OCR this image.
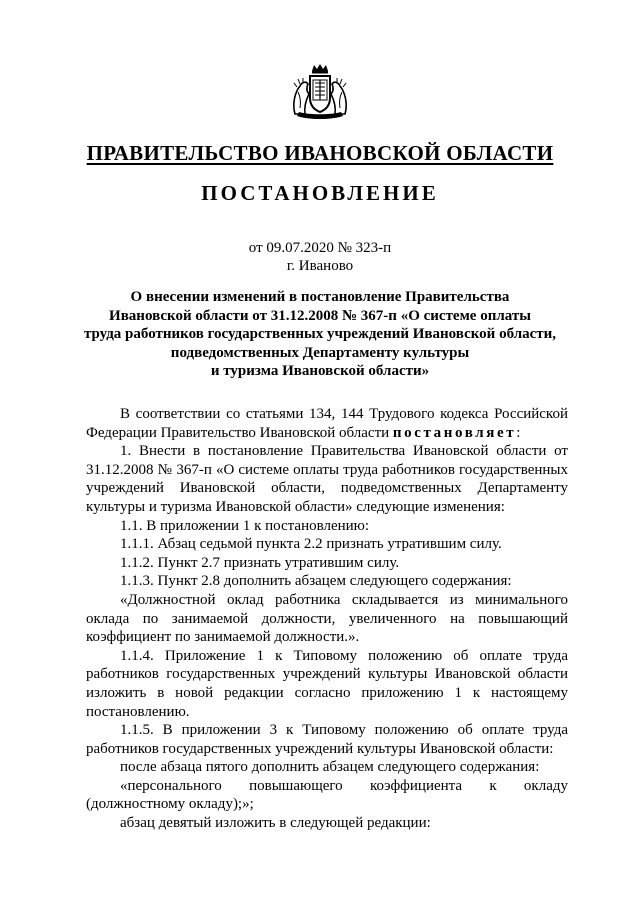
ПРАВИТЕЛЬСТВО ИВАНОВСКОЙ ОБЛАСТИ
ПОСТАНОВЛЕНИЕ
от 09.07.2020 № 323-п
г. Иваново
О внесении изменений в постановление Правительства
Ивановской области от 31.12.2008 № 367-п «О системе оплаты
труда работников государственных учреждений Ивановской области,
подведомственных Департаменту культуры
и туризма Ивановской области»

В соответствии со статьями 134, 144 Трудового кодекса Российской Федерации Правительство Ивановской области постановляет:

1. Внести в постановление Правительства Ивановской области от 31.12.2008 № 367-п «О системе оплаты труда работников государственных учреждений Ивановской области, подведомственных Департаменту культуры и туризма Ивановской области» следующие изменения:

1.1. В приложении 1 к постановлению:

1.1.1. Абзац седьмой пункта 2.2 признать утратившим силу.

1.1.2. Пункт 2.7 признать утратившим силу.

1.1.3. Пункт 2.8 дополнить абзацем следующего содержания:

«Должностной оклад работника складывается из минимального оклада по занимаемой должности, увеличенного на повышающий коэффициент по занимаемой должности.».

1.1.4. Приложение 1 к Типовому положению об оплате труда работников государственных учреждений культуры Ивановской области изложить в новой редакции согласно приложению 1 к настоящему постановлению.

1.1.5. В приложении 3 к Типовому положению об оплате труда работников государственных учреждений культуры Ивановской области:

после абзаца пятого дополнить абзацем следующего содержания:

«персонального повышающего коэффициента к окладу (должностному окладу);»;

абзац девятый изложить в следующей редакции:
